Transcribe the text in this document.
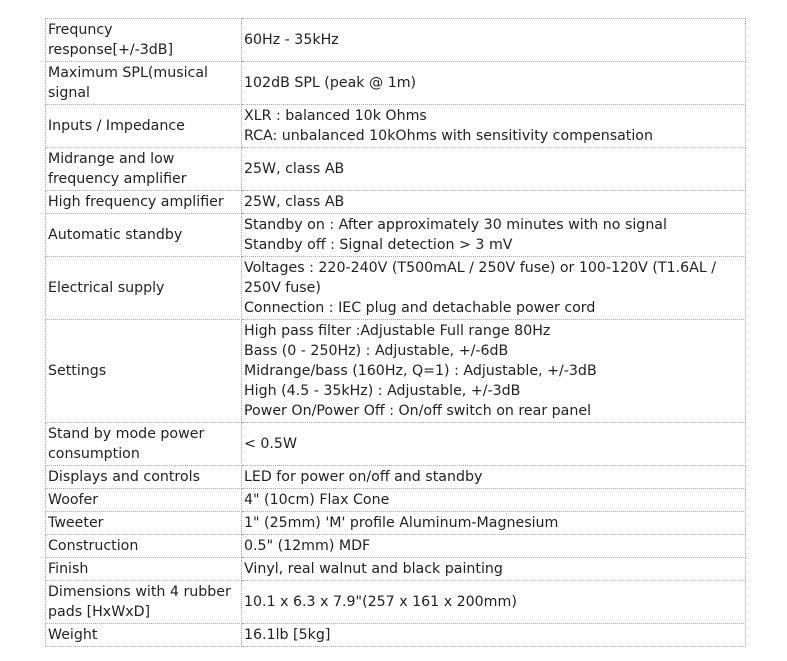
Frequncy response[+/-3dB]	60Hz - 35kHz

Maximum SPL(musical signal	102dB SPL (peak @ 1m)

Inputs / Impedance	XLR : balanced 10k Ohms
RCA: unbalanced 10kOhms with sensitivity compensation

Midrange and low frequency amplifier	25W, class AB

High frequency amplifier	25W, class AB

Automatic standby	Standby on : After approximately 30 minutes with no signal
Standby off : Signal detection > 3 mV

Electrical supply	Voltages : 220-240V (T500mAL / 250V fuse) or 100-120V (T1.6AL / 250V fuse)
Connection : IEC plug and detachable power cord

Settings	High pass filter :Adjustable Full range 80Hz
Bass (0 - 250Hz) : Adjustable, +/-6dB
Midrange/bass (160Hz, Q=1) : Adjustable, +/-3dB
High (4.5 - 35kHz) : Adjustable, +/-3dB
Power On/Power Off : On/off switch on rear panel

Stand by mode power consumption	< 0.5W

Displays and controls	LED for power on/off and standby

Woofer	4" (10cm) Flax Cone

Tweeter	1" (25mm) 'M' profile Aluminum-Magnesium

Construction	0.5" (12mm) MDF

Finish	Vinyl, real walnut and black painting

Dimensions with 4 rubber pads [HxWxD]	10.1 x 6.3 x 7.9"(257 x 161 x 200mm)

Weight	16.1lb [5kg]
